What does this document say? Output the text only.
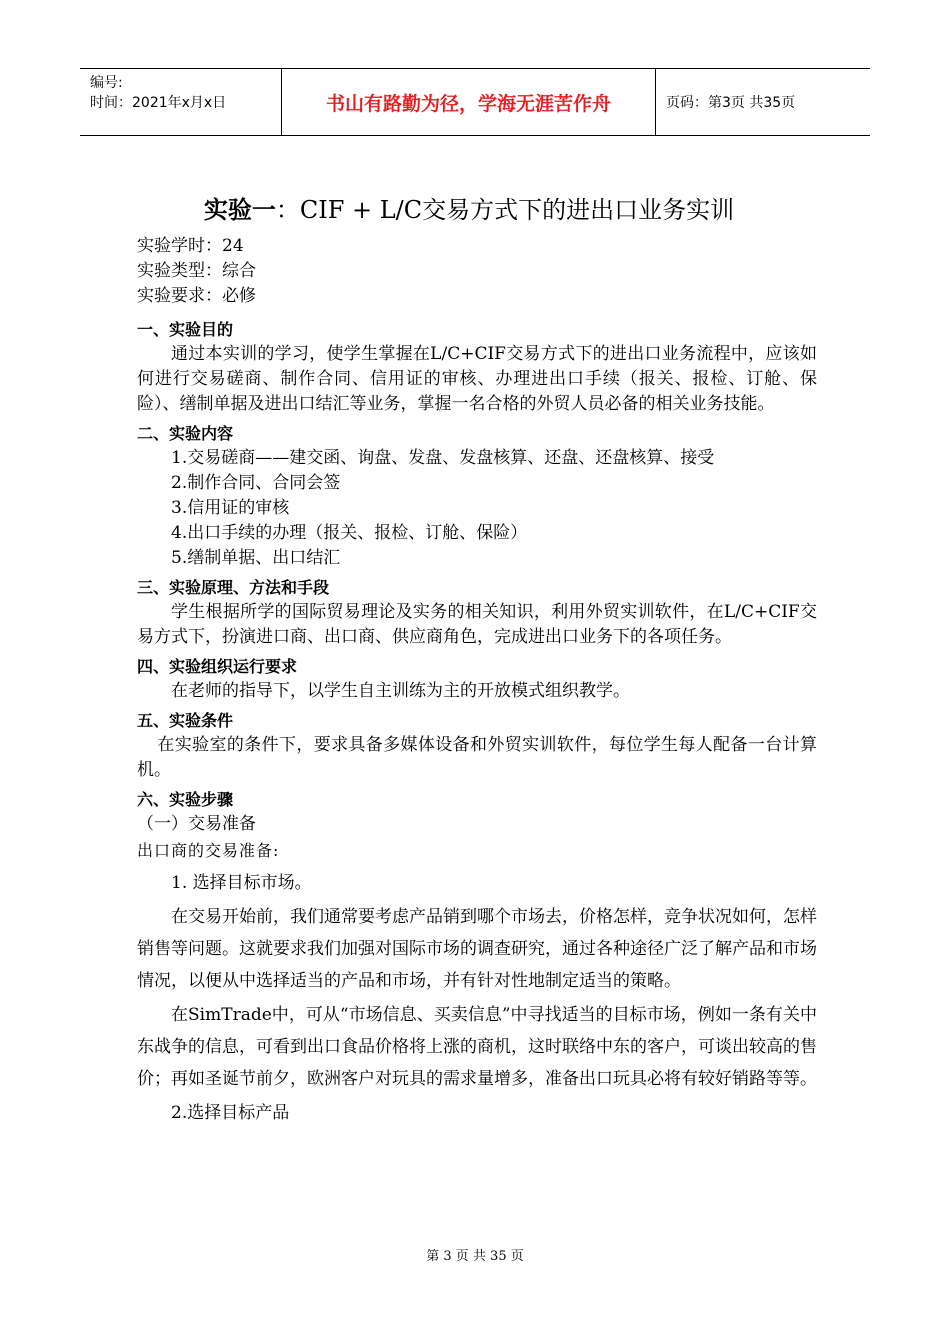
编号:
时间：2021年x月x日	书山有路勤为径，学海无涯苦作舟	页码：第3页 共35页
实验一：CIF + L/C交易方式下的进出口业务实训
实验学时：24
实验类型：综合
实验要求：必修
一、实验目的
通过本实训的学习，使学生掌握在L/C+CIF交易方式下的进出口业务流程中，应该如何进行交易磋商、制作合同、信用证的审核、办理进出口手续（报关、报检、订舱、保险）、缮制单据及进出口结汇等业务，掌握一名合格的外贸人员必备的相关业务技能。
二、实验内容
1.交易磋商——建交函、询盘、发盘、发盘核算、还盘、还盘核算、接受
2.制作合同、合同会签
3.信用证的审核
4.出口手续的办理（报关、报检、订舱、保险）
5.缮制单据、出口结汇
三、实验原理、方法和手段
学生根据所学的国际贸易理论及实务的相关知识，利用外贸实训软件，在L/C+CIF交易方式下，扮演进口商、出口商、供应商角色，完成进出口业务下的各项任务。
四、实验组织运行要求
在老师的指导下，以学生自主训练为主的开放模式组织教学。
五、实验条件
在实验室的条件下，要求具备多媒体设备和外贸实训软件，每位学生每人配备一台计算机。
六、实验步骤
（一）交易准备
出口商的交易准备:
1. 选择目标市场。
在交易开始前，我们通常要考虑产品销到哪个市场去，价格怎样，竞争状况如何，怎样销售等问题。这就要求我们加强对国际市场的调查研究，通过各种途径广泛了解产品和市场情况，以便从中选择适当的产品和市场，并有针对性地制定适当的策略。
在SimTrade中，可从“市场信息、买卖信息”中寻找适当的目标市场，例如一条有关中东战争的信息，可看到出口食品价格将上涨的商机，这时联络中东的客户，可谈出较高的售价；再如圣诞节前夕，欧洲客户对玩具的需求量增多，准备出口玩具必将有较好销路等等。
2.选择目标产品
第 3 页 共 35 页
